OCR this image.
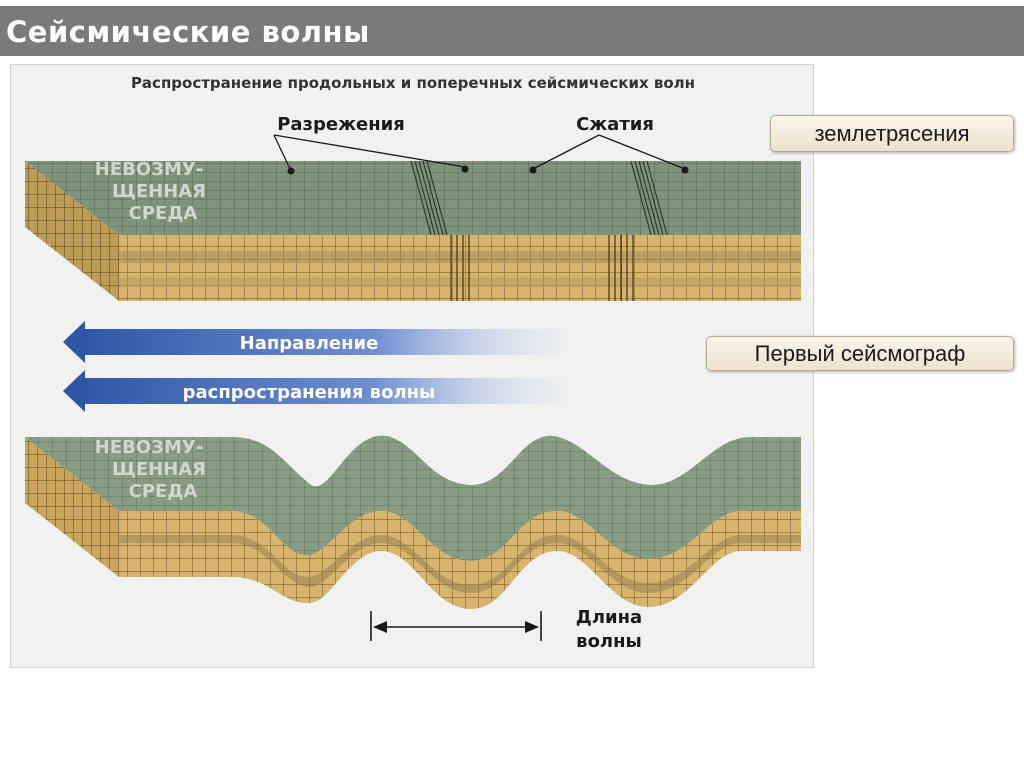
Сейсмические волны
Распространение продольных и поперечных сейсмических волн
Разрежения	Сжатия
НЕВОЗМУ-
ЩЕННАЯ
СРЕДА
Направление
распространения волны
НЕВОЗМУ-
ЩЕННАЯ
СРЕДА
Длина
волны
землетрясения
Первый сейсмограф
